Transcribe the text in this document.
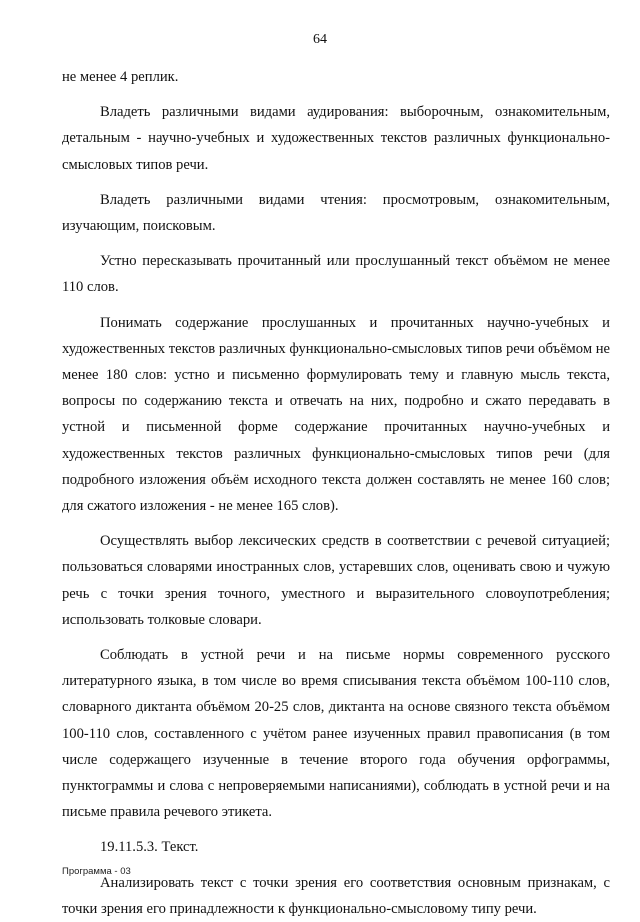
64

не менее 4 реплик.

Владеть различными видами аудирования: выборочным, ознакомительным, детальным - научно-учебных и художественных текстов различных функционально-смысловых типов речи.

Владеть различными видами чтения: просмотровым, ознакомительным, изучающим, поисковым.

Устно пересказывать прочитанный или прослушанный текст объёмом не менее 110 слов.

Понимать содержание прослушанных и прочитанных научно-учебных и художественных текстов различных функционально-смысловых типов речи объёмом не менее 180 слов: устно и письменно формулировать тему и главную мысль текста, вопросы по содержанию текста и отвечать на них, подробно и сжато передавать в устной и письменной форме содержание прочитанных научно-учебных и художественных текстов различных функционально-смысловых типов речи (для подробного изложения объём исходного текста должен составлять не менее 160 слов; для сжатого изложения - не менее 165 слов).

Осуществлять выбор лексических средств в соответствии с речевой ситуацией; пользоваться словарями иностранных слов, устаревших слов, оценивать свою и чужую речь с точки зрения точного, уместного и выразительного словоупотребления; использовать толковые словари.

Соблюдать в устной речи и на письме нормы современного русского литературного языка, в том числе во время списывания текста объёмом 100-110 слов, словарного диктанта объёмом 20-25 слов, диктанта на основе связного текста объёмом 100-110 слов, составленного с учётом ранее изученных правил правописания (в том числе содержащего изученные в течение второго года обучения орфограммы, пунктограммы и слова с непроверяемыми написаниями), соблюдать в устной речи и на письме правила речевого этикета.

19.11.5.3. Текст.

Анализировать текст с точки зрения его соответствия основным признакам, с точки зрения его принадлежности к функционально-смысловому типу речи.

Программа - 03
